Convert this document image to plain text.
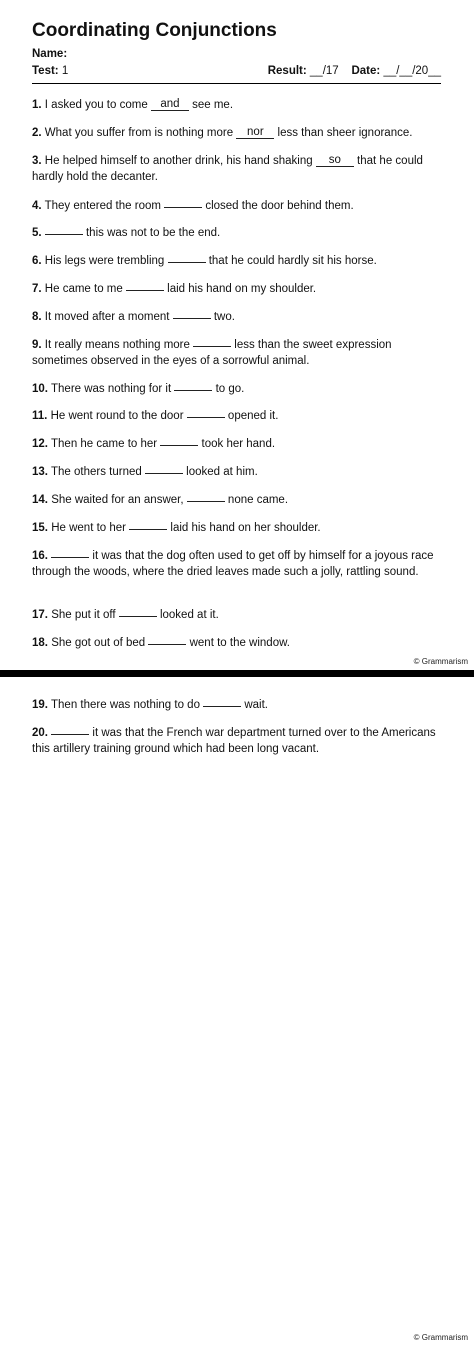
Coordinating Conjunctions
Name:
Test: 1	Result: __/17 Date: __/__/20__
1. I asked you to come and see me.
2. What you suffer from is nothing more nor less than sheer ignorance.
3. He helped himself to another drink, his hand shaking so that he could hardly hold the decanter.
4. They entered the room	closed the door behind them.
5.	this was not to be the end.
6. His legs were trembling	that he could hardly sit his horse.
7. He came to me	laid his hand on my shoulder.
8. It moved after a moment	two.
9. It really means nothing more	less than the sweet expression sometimes observed in the eyes of a sorrowful animal.
10. There was nothing for it	to go.
11. He went round to the door	opened it.
12. Then he came to her	took her hand.
13. The others turned	looked at him.
14. She waited for an answer,	none came.
15. He went to her	laid his hand on her shoulder.
16.	it was that the dog often used to get off by himself for a joyous race through the woods, where the dried leaves made such a jolly, rattling sound.
17. She put it off	looked at it.
18. She got out of bed	went to the window.
© Grammarism
19. Then there was nothing to do	wait.
20.	it was that the French war department turned over to the Americans this artillery training ground which had been long vacant.
© Grammarism
